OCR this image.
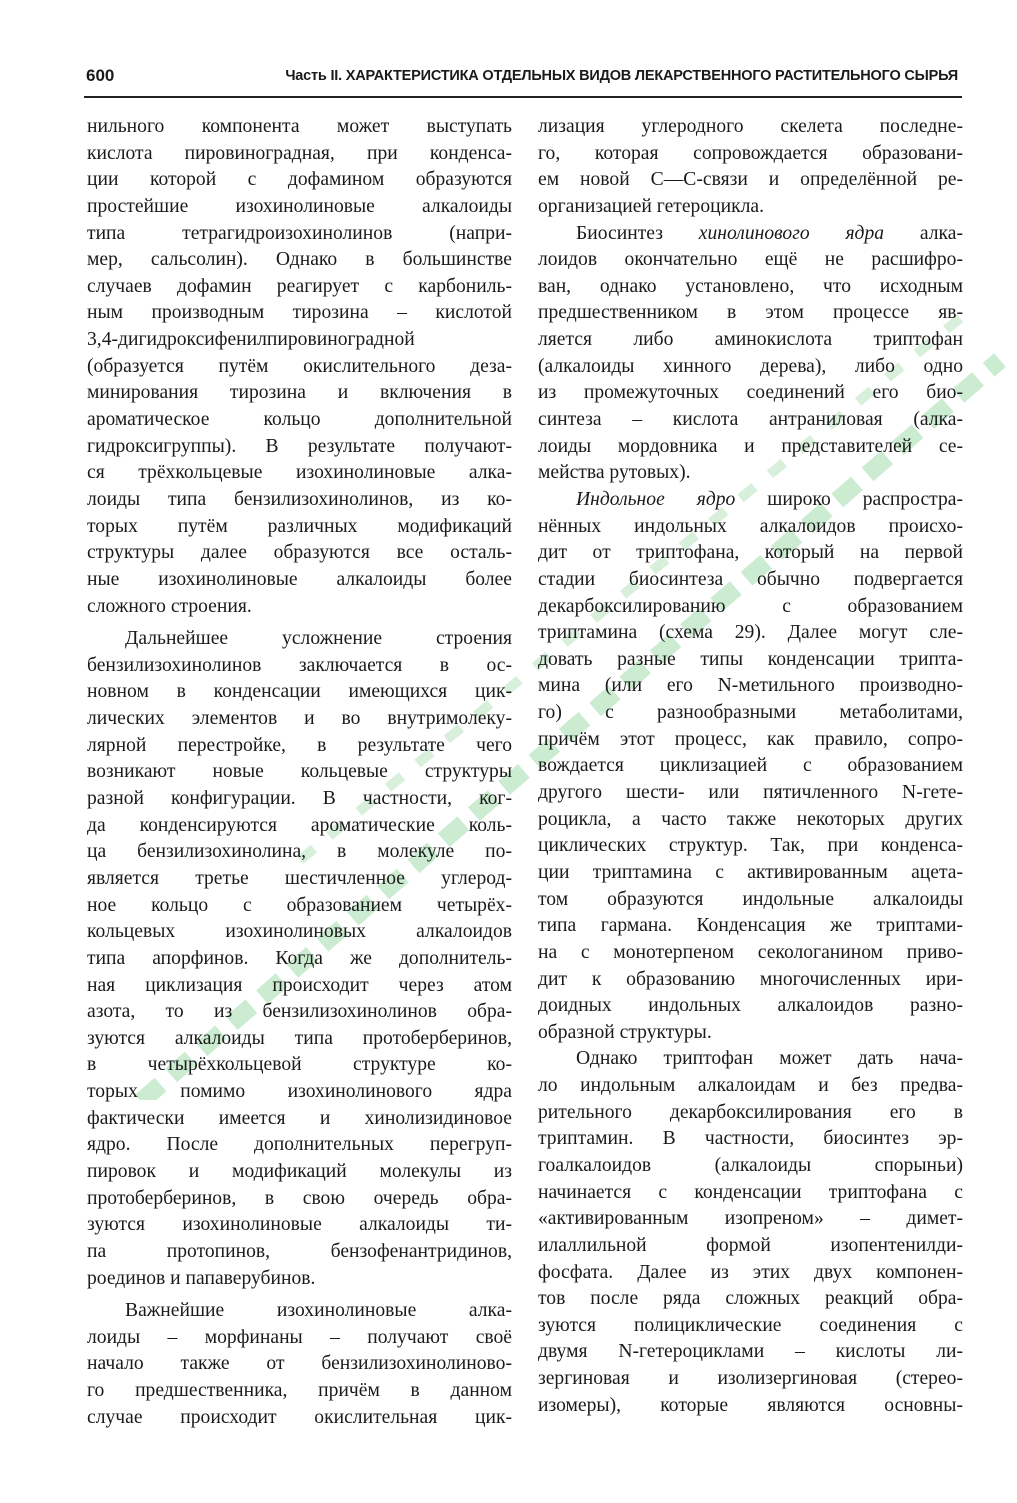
600	Часть II. ХАРАКТЕРИСТИКА ОТДЕЛЬНЫХ ВИДОВ ЛЕКАРСТВЕННОГО РАСТИТЕЛЬНОГО СЫРЬЯ
нильного компонента может выступать
кислота пировиноградная, при конденса-
ции которой с дофамином образуются
простейшие изохинолиновые алкалоиды
типа тетрагидроизохинолинов (напри-
мер, сальсолин). Однако в большинстве
случаев дофамин реагирует с карбониль-
ным производным тирозина – кислотой
3,4-дигидроксифенилпировиноградной
(образуется путём окислительного деза-
минирования тирозина и включения в
ароматическое кольцо дополнительной
гидроксигруппы). В результате получают-
ся трёхкольцевые изохинолиновые алка-
лоиды типа бензилизохинолинов, из ко-
торых путём различных модификаций
структуры далее образуются все осталь-
ные изохинолиновые алкалоиды более
сложного строения.
Дальнейшее усложнение строения
бензилизохинолинов заключается в ос-
новном в конденсации имеющихся цик-
лических элементов и во внутримолеку-
лярной перестройке, в результате чего
возникают новые кольцевые структуры
разной конфигурации. В частности, ког-
да конденсируются ароматические коль-
ца бензилизохинолина, в молекуле по-
является третье шестичленное углерод-
ное кольцо с образованием четырёх-
кольцевых изохинолиновых алкалоидов
типа апорфинов. Когда же дополнитель-
ная циклизация происходит через атом
азота, то из бензилизохинолинов обра-
зуются алкалоиды типа протоберберинов,
в четырёхкольцевой структуре ко-
торых помимо изохинолинового ядра
фактически имеется и хинолизидиновое
ядро. После дополнительных перегруп-
пировок и модификаций молекулы из
протоберберинов, в свою очередь обра-
зуются изохинолиновые алкалоиды ти-
па протопинов, бензофенантридинов,
роединов и папаверубинов.
Важнейшие изохинолиновые алка-
лоиды – морфинаны – получают своё
начало также от бензилизохинолиново-
го предшественника, причём в данном
случае происходит окислительная цик-
лизация углеродного скелета последне-
го, которая сопровождается образовани-
ем новой С—С-связи и определённой ре-
организацией гетероцикла.
Биосинтез хинолинового ядра алка-
лоидов окончательно ещё не расшифро-
ван, однако установлено, что исходным
предшественником в этом процессе яв-
ляется либо аминокислота триптофан
(алкалоиды хинного дерева), либо одно
из промежуточных соединений его био-
синтеза – кислота антраниловая (алка-
лоиды мордовника и представителей се-
мейства рутовых).
Индольное ядро широко распростра-
нённых индольных алкалоидов происхо-
дит от триптофана, который на первой
стадии биосинтеза обычно подвергается
декарбоксилированию с образованием
триптамина (схема 29). Далее могут сле-
довать разные типы конденсации трипта-
мина (или его N-метильного производно-
го) с разнообразными метаболитами,
причём этот процесс, как правило, сопро-
вождается циклизацией с образованием
другого шести- или пятичленного N-гете-
роцикла, а часто также некоторых других
циклических структур. Так, при конденса-
ции триптамина с активированным ацета-
том образуются индольные алкалоиды
типа гармана. Конденсация же триптами-
на с монотерпеном секологанином приво-
дит к образованию многочисленных ири-
доидных индольных алкалоидов разно-
образной структуры.
Однако триптофан может дать нача-
ло индольным алкалоидам и без предва-
рительного декарбоксилирования его в
триптамин. В частности, биосинтез эр-
гоалкалоидов (алкалоиды спорыньи)
начинается с конденсации триптофана с
«активированным изопреном» – димет-
илаллильной формой изопентенилди-
фосфата. Далее из этих двух компонен-
тов после ряда сложных реакций обра-
зуются полициклические соединения с
двумя N-гетероциклами – кислоты ли-
зергиновая и изолизергиновая (стерео-
изомеры), которые являются основны-
